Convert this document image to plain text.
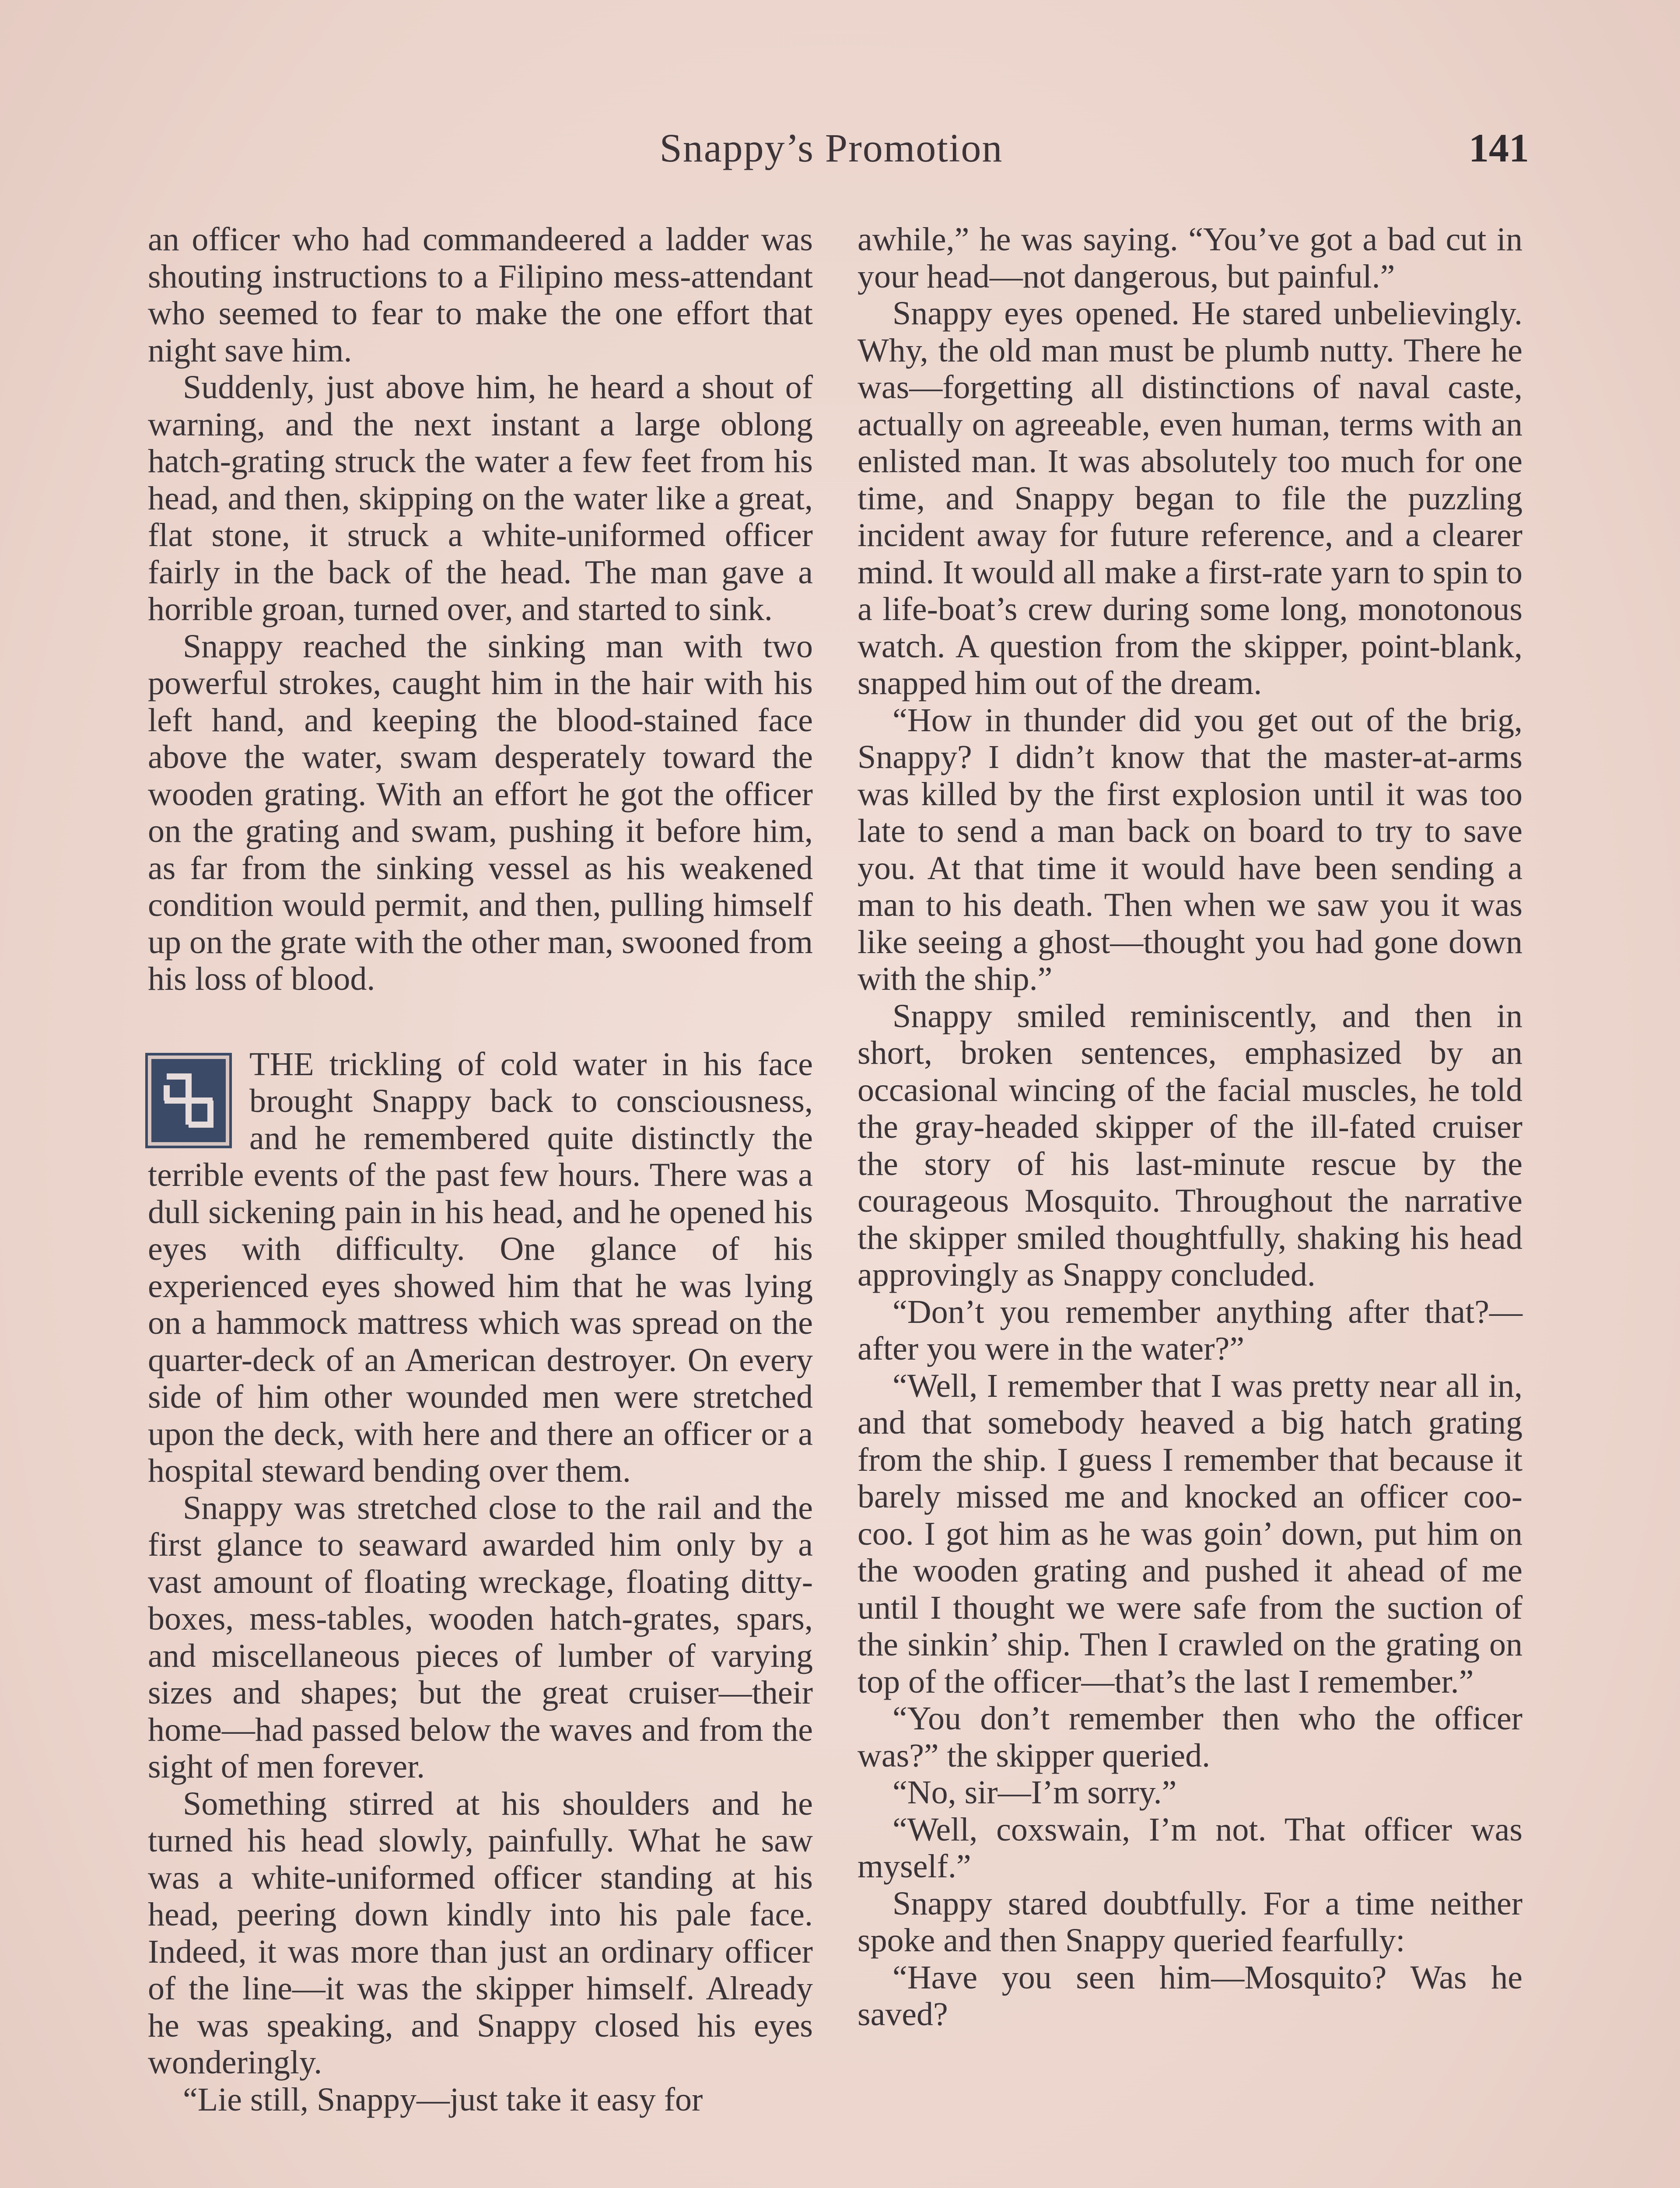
Snappy’s Promotion	141

an officer who had commandeered a ladder was shouting instructions to a Filipino mess-attendant who seemed to fear to make the one effort that night save him.

Suddenly, just above him, he heard a shout of warning, and the next instant a large oblong hatch-grating struck the water a few feet from his head, and then, skipping on the water like a great, flat stone, it struck a white-uniformed officer fairly in the back of the head. The man gave a horrible groan, turned over, and started to sink.

Snappy reached the sinking man with two powerful strokes, caught him in the hair with his left hand, and keeping the blood-stained face above the water, swam desperately toward the wooden grating. With an effort he got the officer on the grating and swam, pushing it before him, as far from the sinking vessel as his weakened condition would permit, and then, pulling himself up on the grate with the other man, swooned from his loss of blood.

THE trickling of cold water in his face brought Snappy back to consciousness, and he remembered quite distinctly the terrible events of the past few hours. There was a dull sickening pain in his head, and he opened his eyes with difficulty. One glance of his experienced eyes showed him that he was lying on a hammock mattress which was spread on the quarter-deck of an American destroyer. On every side of him other wounded men were stretched upon the deck, with here and there an officer or a hospital steward bending over them.

Snappy was stretched close to the rail and the first glance to seaward awarded him only by a vast amount of floating wreckage, floating ditty-boxes, mess-tables, wooden hatch-grates, spars, and miscellaneous pieces of lumber of varying sizes and shapes; but the great cruiser—their home—had passed below the waves and from the sight of men forever.

Something stirred at his shoulders and he turned his head slowly, painfully. What he saw was a white-uniformed officer standing at his head, peering down kindly into his pale face. Indeed, it was more than just an ordinary officer of the line—it was the skipper himself. Already he was speaking, and Snappy closed his eyes wonderingly.

“Lie still, Snappy—just take it easy for

awhile,” he was saying. “You’ve got a bad cut in your head—not dangerous, but painful.”

Snappy eyes opened. He stared unbelievingly. Why, the old man must be plumb nutty. There he was—forgetting all distinctions of naval caste, actually on agreeable, even human, terms with an enlisted man. It was absolutely too much for one time, and Snappy began to file the puzzling incident away for future reference, and a clearer mind. It would all make a first-rate yarn to spin to a life-boat’s crew during some long, monotonous watch. A question from the skipper, point-blank, snapped him out of the dream.

“How in thunder did you get out of the brig, Snappy? I didn’t know that the master-at-arms was killed by the first explosion until it was too late to send a man back on board to try to save you. At that time it would have been sending a man to his death. Then when we saw you it was like seeing a ghost—thought you had gone down with the ship.”

Snappy smiled reminiscently, and then in short, broken sentences, emphasized by an occasional wincing of the facial muscles, he told the gray-headed skipper of the ill-fated cruiser the story of his last-minute rescue by the courageous Mosquito. Throughout the narrative the skipper smiled thoughtfully, shaking his head approvingly as Snappy concluded.

“Don’t you remember anything after that?—after you were in the water?”

“Well, I remember that I was pretty near all in, and that somebody heaved a big hatch grating from the ship. I guess I remember that because it barely missed me and knocked an officer coo-coo. I got him as he was goin’ down, put him on the wooden grating and pushed it ahead of me until I thought we were safe from the suction of the sinkin’ ship. Then I crawled on the grating on top of the officer—that’s the last I remember.”

“You don’t remember then who the officer was?” the skipper queried.

“No, sir—I’m sorry.”

“Well, coxswain, I’m not. That officer was myself.”

Snappy stared doubtfully. For a time neither spoke and then Snappy queried fearfully:

“Have you seen him—Mosquito? Was he saved?
